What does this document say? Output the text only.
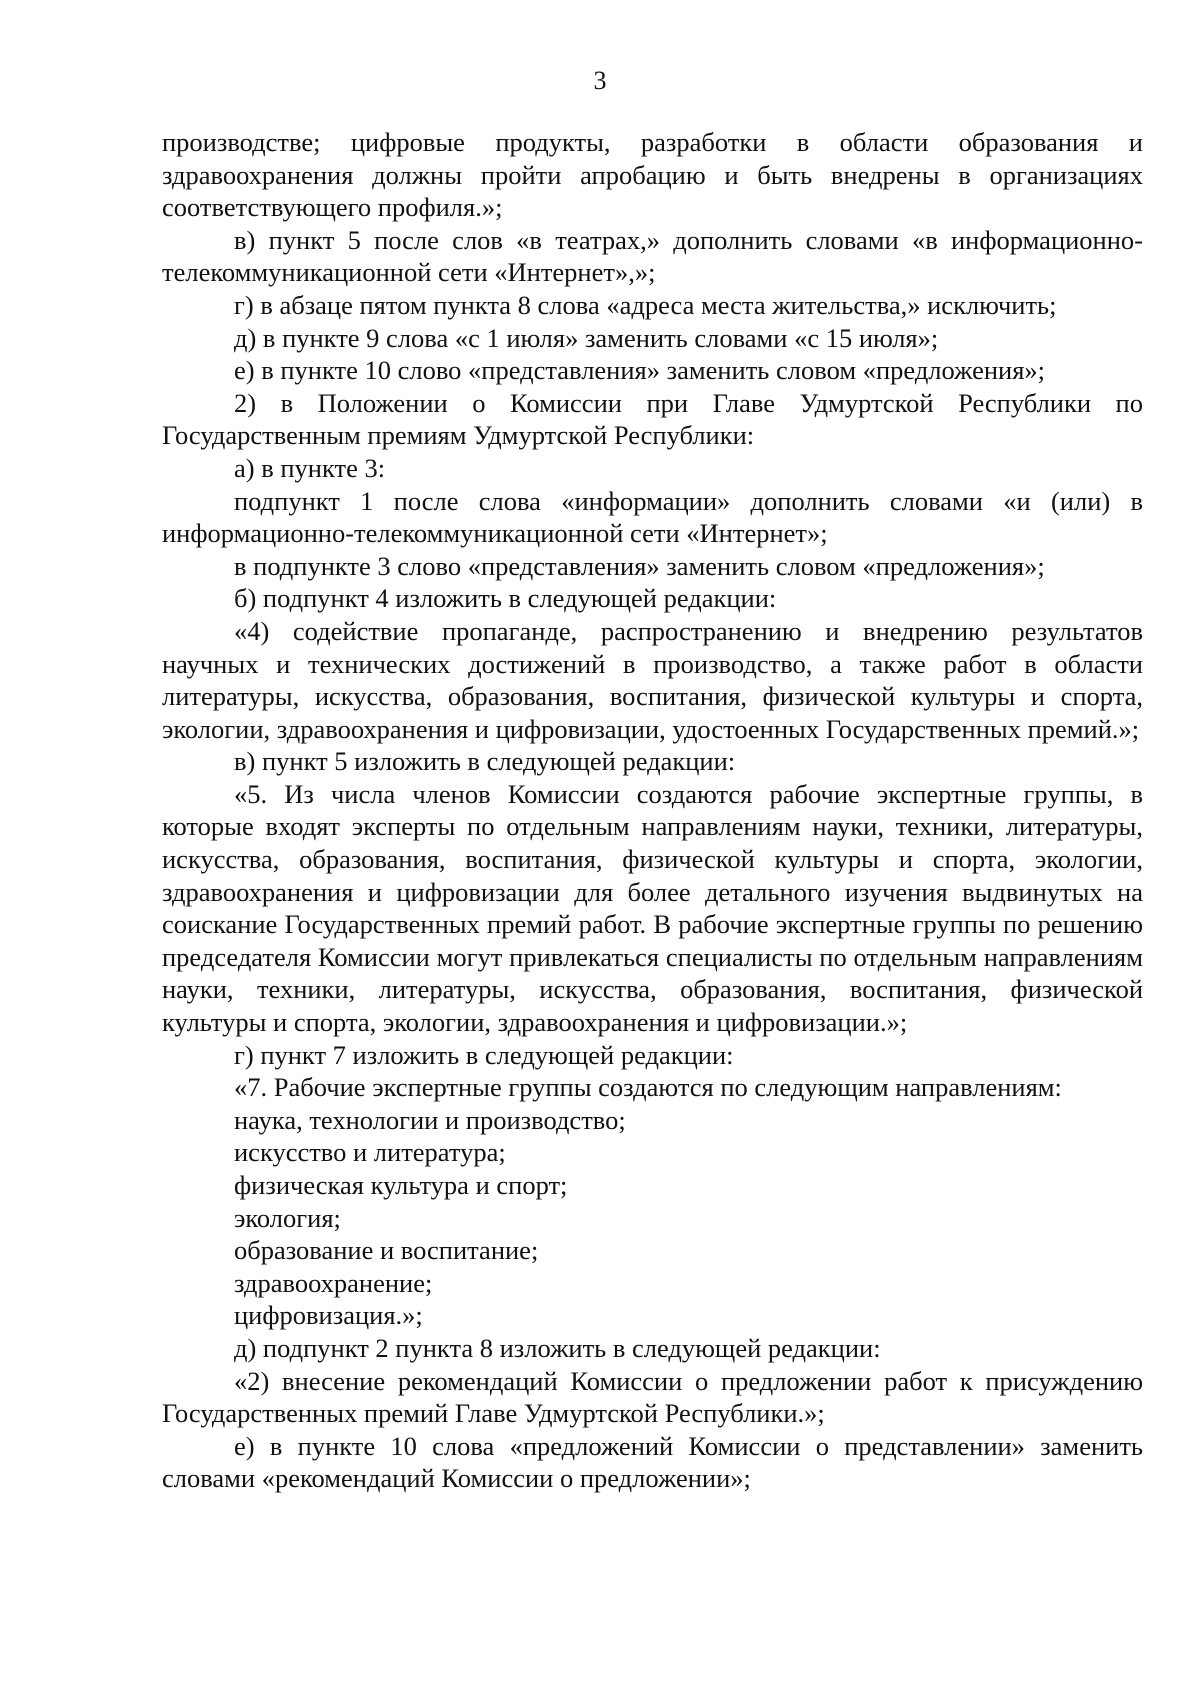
3

производстве; цифровые продукты, разработки в области образования и здравоохранения должны пройти апробацию и быть внедрены в организациях соответствующего профиля.»;

в) пункт 5 после слов «в театрах,» дополнить словами «в информационно-телекоммуникационной сети «Интернет»,»;

г) в абзаце пятом пункта 8 слова «адреса места жительства,» исключить;

д) в пункте 9 слова «с 1 июля» заменить словами «с 15 июля»;

е) в пункте 10 слово «представления» заменить словом «предложения»;

2) в Положении о Комиссии при Главе Удмуртской Республики по Государственным премиям Удмуртской Республики:

а) в пункте 3:

подпункт 1 после слова «информации» дополнить словами «и (или) в информационно-телекоммуникационной сети «Интернет»;

в подпункте 3 слово «представления» заменить словом «предложения»;

б) подпункт 4 изложить в следующей редакции:

«4) содействие пропаганде, распространению и внедрению результатов научных и технических достижений в производство, а также работ в области литературы, искусства, образования, воспитания, физической культуры и спорта, экологии, здравоохранения и цифровизации, удостоенных Государственных премий.»;

в) пункт 5 изложить в следующей редакции:

«5. Из числа членов Комиссии создаются рабочие экспертные группы, в которые входят эксперты по отдельным направлениям науки, техники, литературы, искусства, образования, воспитания, физической культуры и спорта, экологии, здравоохранения и цифровизации для более детального изучения выдвинутых на соискание Государственных премий работ. В рабочие экспертные группы по решению председателя Комиссии могут привлекаться специалисты по отдельным направлениям науки, техники, литературы, искусства, образования, воспитания, физической культуры и спорта, экологии, здравоохранения и цифровизации.»;

г) пункт 7 изложить в следующей редакции:

«7. Рабочие экспертные группы создаются по следующим направлениям:

наука, технологии и производство;

искусство и литература;

физическая культура и спорт;

экология;

образование и воспитание;

здравоохранение;

цифровизация.»;

д) подпункт 2 пункта 8 изложить в следующей редакции:

«2) внесение рекомендаций Комиссии о предложении работ к присуждению Государственных премий Главе Удмуртской Республики.»;

е) в пункте 10 слова «предложений Комиссии о представлении» заменить словами «рекомендаций Комиссии о предложении»;
